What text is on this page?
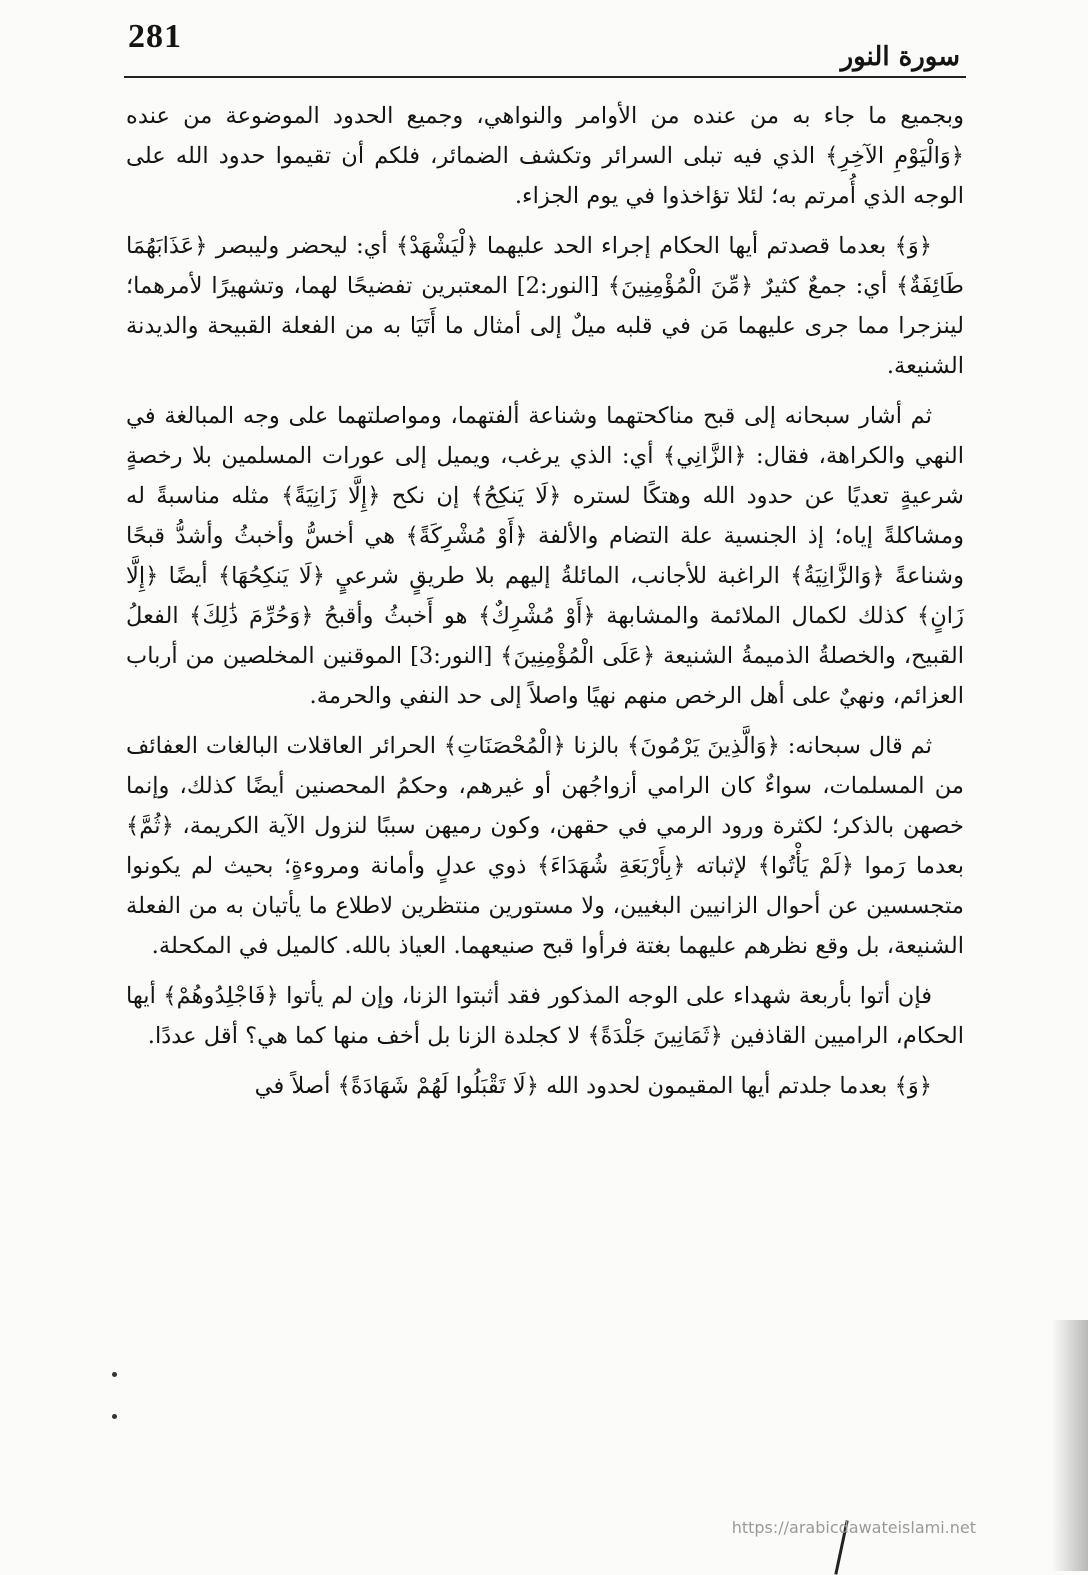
281
سورة النور

وبجميع ما جاء به من عنده من الأوامر والنواهي، وجميع الحدود الموضوعة من عنده ﴿وَالْيَوْمِ الآخِرِ﴾ الذي فيه تبلى السرائر وتكشف الضمائر، فلكم أن تقيموا حدود الله على الوجه الذي أُمرتم به؛ لئلا تؤاخذوا في يوم الجزاء.

﴿وَ﴾ بعدما قصدتم أيها الحكام إجراء الحد عليهما ﴿لْيَشْهَدْ﴾ أي: ليحضر وليبصر ﴿عَذَابَهُمَا طَائِفَةٌ﴾ أي: جمعٌ كثيرٌ ﴿مِّنَ الْمُؤْمِنِينَ﴾ [النور:2] المعتبرين تفضيحًا لهما، وتشهيرًا لأمرهما؛ لينزجرا مما جرى عليهما مَن في قلبه ميلٌ إلى أمثال ما أَتَيَا به من الفعلة القبيحة والديدنة الشنيعة.

ثم أشار سبحانه إلى قبح مناكحتهما وشناعة ألفتهما، ومواصلتهما على وجه المبالغة في النهي والكراهة، فقال: ﴿الزَّانِي﴾ أي: الذي يرغب، ويميل إلى عورات المسلمين بلا رخصةٍ شرعيةٍ تعديًا عن حدود الله وهتكًا لستره ﴿لَا يَنكِحُ﴾ إن نكح ﴿إِلَّا زَانِيَةً﴾ مثله مناسبةً له ومشاكلةً إياه؛ إذ الجنسية علة التضام والألفة ﴿أَوْ مُشْرِكَةً﴾ هي أخسُّ وأخبثُ وأشدُّ قبحًا وشناعةً ﴿وَالزَّانِيَةُ﴾ الراغبة للأجانب، المائلةُ إليهم بلا طريقٍ شرعيٍ ﴿لَا يَنكِحُهَا﴾ أيضًا ﴿إِلَّا زَانٍ﴾ كذلك لكمال الملائمة والمشابهة ﴿أَوْ مُشْرِكٌ﴾ هو أَخبثُ وأقبحُ ﴿وَحُرِّمَ ذَٰلِكَ﴾ الفعلُ القبيح، والخصلةُ الذميمةُ الشنيعة ﴿عَلَى الْمُؤْمِنِينَ﴾ [النور:3] الموقنين المخلصين من أرباب العزائم، ونهيٌ على أهل الرخص منهم نهيًا واصلاً إلى حد النفي والحرمة.

ثم قال سبحانه: ﴿وَالَّذِينَ يَرْمُونَ﴾ بالزنا ﴿الْمُحْصَنَاتِ﴾ الحرائر العاقلات البالغات العفائف من المسلمات، سواءٌ كان الرامي أزواجُهن أو غيرهم، وحكمُ المحصنين أيضًا كذلك، وإنما خصهن بالذكر؛ لكثرة ورود الرمي في حقهن، وكون رميهن سببًا لنزول الآية الكريمة، ﴿ثُمَّ﴾ بعدما رَموا ﴿لَمْ يَأْتُوا﴾ لإثباته ﴿بِأَرْبَعَةِ شُهَدَاءَ﴾ ذوي عدلٍ وأمانة ومروءةٍ؛ بحيث لم يكونوا متجسسين عن أحوال الزانيين البغيين، ولا مستورين منتظرين لاطلاع ما يأتيان به من الفعلة الشنيعة، بل وقع نظرهم عليهما بغتة فرأوا قبح صنيعهما. العياذ بالله. كالميل في المكحلة.

فإن أتوا بأربعة شهداء على الوجه المذكور فقد أثبتوا الزنا، وإن لم يأتوا ﴿فَاجْلِدُوهُمْ﴾ أيها الحكام، الراميين القاذفين ﴿ثَمَانِينَ جَلْدَةً﴾ لا كجلدة الزنا بل أخف منها كما هي؟ أقل عددًا.

﴿وَ﴾ بعدما جلدتم أيها المقيمون لحدود الله ﴿لَا تَقْبَلُوا لَهُمْ شَهَادَةً﴾ أصلاً في

https://arabicdawateislami.net
